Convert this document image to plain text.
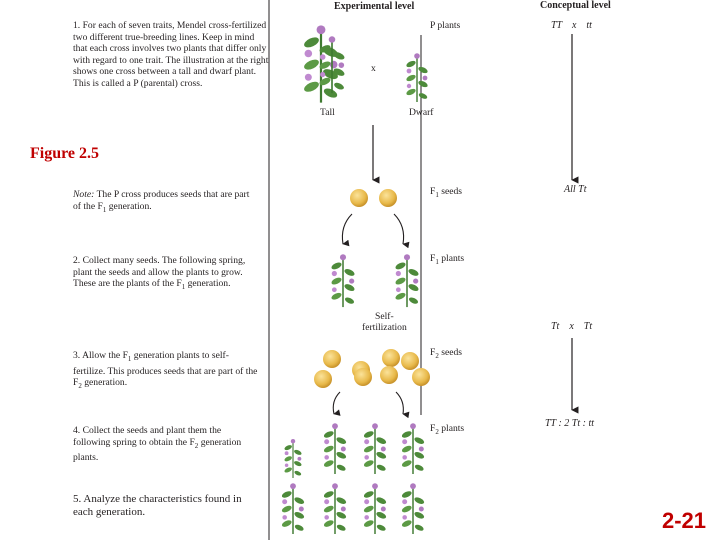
Experimental level	Conceptual level
1. For each of seven traits, Mendel cross-fertilized two different true-breeding lines. Keep in mind that each cross involves two plants that differ only with regard to one trait. The illustration at the right shows one cross between a tall and dwarf plant. This is called a P (parental) cross.
Note: The P cross produces seeds that are part of the $F_1$ generation.
2. Collect many seeds. The following spring, plant the seeds and allow the plants to grow. These are the plants of the $F_1$ generation.
3. Allow the $F_1$ generation plants to self-fertilize. This produces seeds that are part of the $F_2$ generation.
4. Collect the seeds and plant them the following spring to obtain the $F_2$ generation plants.
5. Analyze the characteristics found in each generation.
Figure 2.5
2-21
Tall	Dwarf
x
Self-
fertilization
P plants
$F_1$ seeds
$F_1$ plants
$F_2$ seeds
$F_2$ plants
TT    x    tt
All Tt
Tt    x    Tt
TT : 2 Tt : tt
